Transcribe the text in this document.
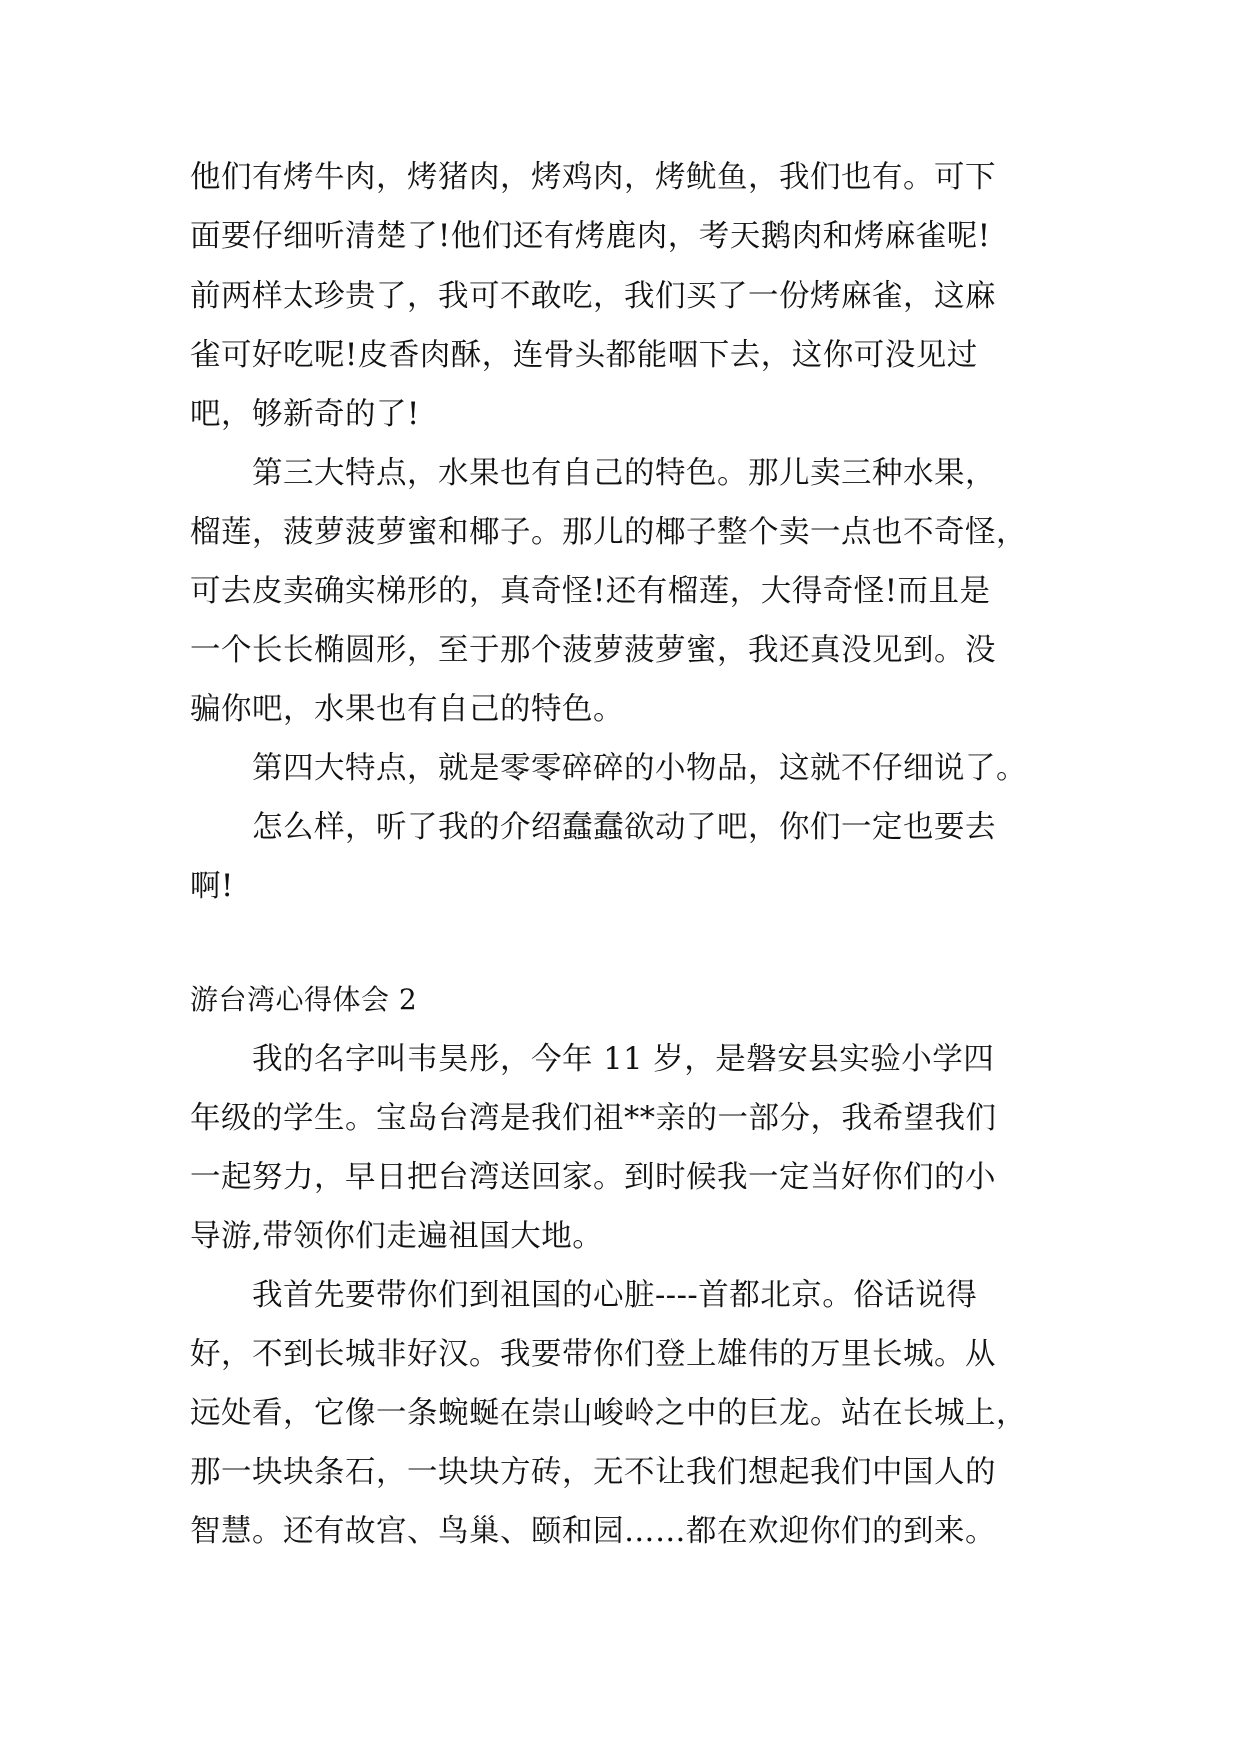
他们有烤牛肉，烤猪肉，烤鸡肉，烤鱿鱼，我们也有。可下
面要仔细听清楚了!他们还有烤鹿肉，考天鹅肉和烤麻雀呢!
前两样太珍贵了，我可不敢吃，我们买了一份烤麻雀，这麻
雀可好吃呢!皮香肉酥，连骨头都能咽下去，这你可没见过
吧，够新奇的了!
　　第三大特点，水果也有自己的特色。那儿卖三种水果，
榴莲，菠萝菠萝蜜和椰子。那儿的椰子整个卖一点也不奇怪，
可去皮卖确实梯形的，真奇怪!还有榴莲，大得奇怪!而且是
一个长长椭圆形，至于那个菠萝菠萝蜜，我还真没见到。没
骗你吧，水果也有自己的特色。
　　第四大特点，就是零零碎碎的小物品，这就不仔细说了。
　　怎么样，听了我的介绍蠢蠢欲动了吧，你们一定也要去
啊!
游台湾心得体会 2
　　我的名字叫韦昊彤，今年 11 岁，是磐安县实验小学四
年级的学生。宝岛台湾是我们祖**亲的一部分，我希望我们
一起努力，早日把台湾送回家。到时候我一定当好你们的小
导游,带领你们走遍祖国大地。
　　我首先要带你们到祖国的心脏----首都北京。俗话说得
好，不到长城非好汉。我要带你们登上雄伟的万里长城。从
远处看，它像一条蜿蜒在崇山峻岭之中的巨龙。站在长城上，
那一块块条石，一块块方砖，无不让我们想起我们中国人的
智慧。还有故宫、鸟巢、颐和园……都在欢迎你们的到来。
